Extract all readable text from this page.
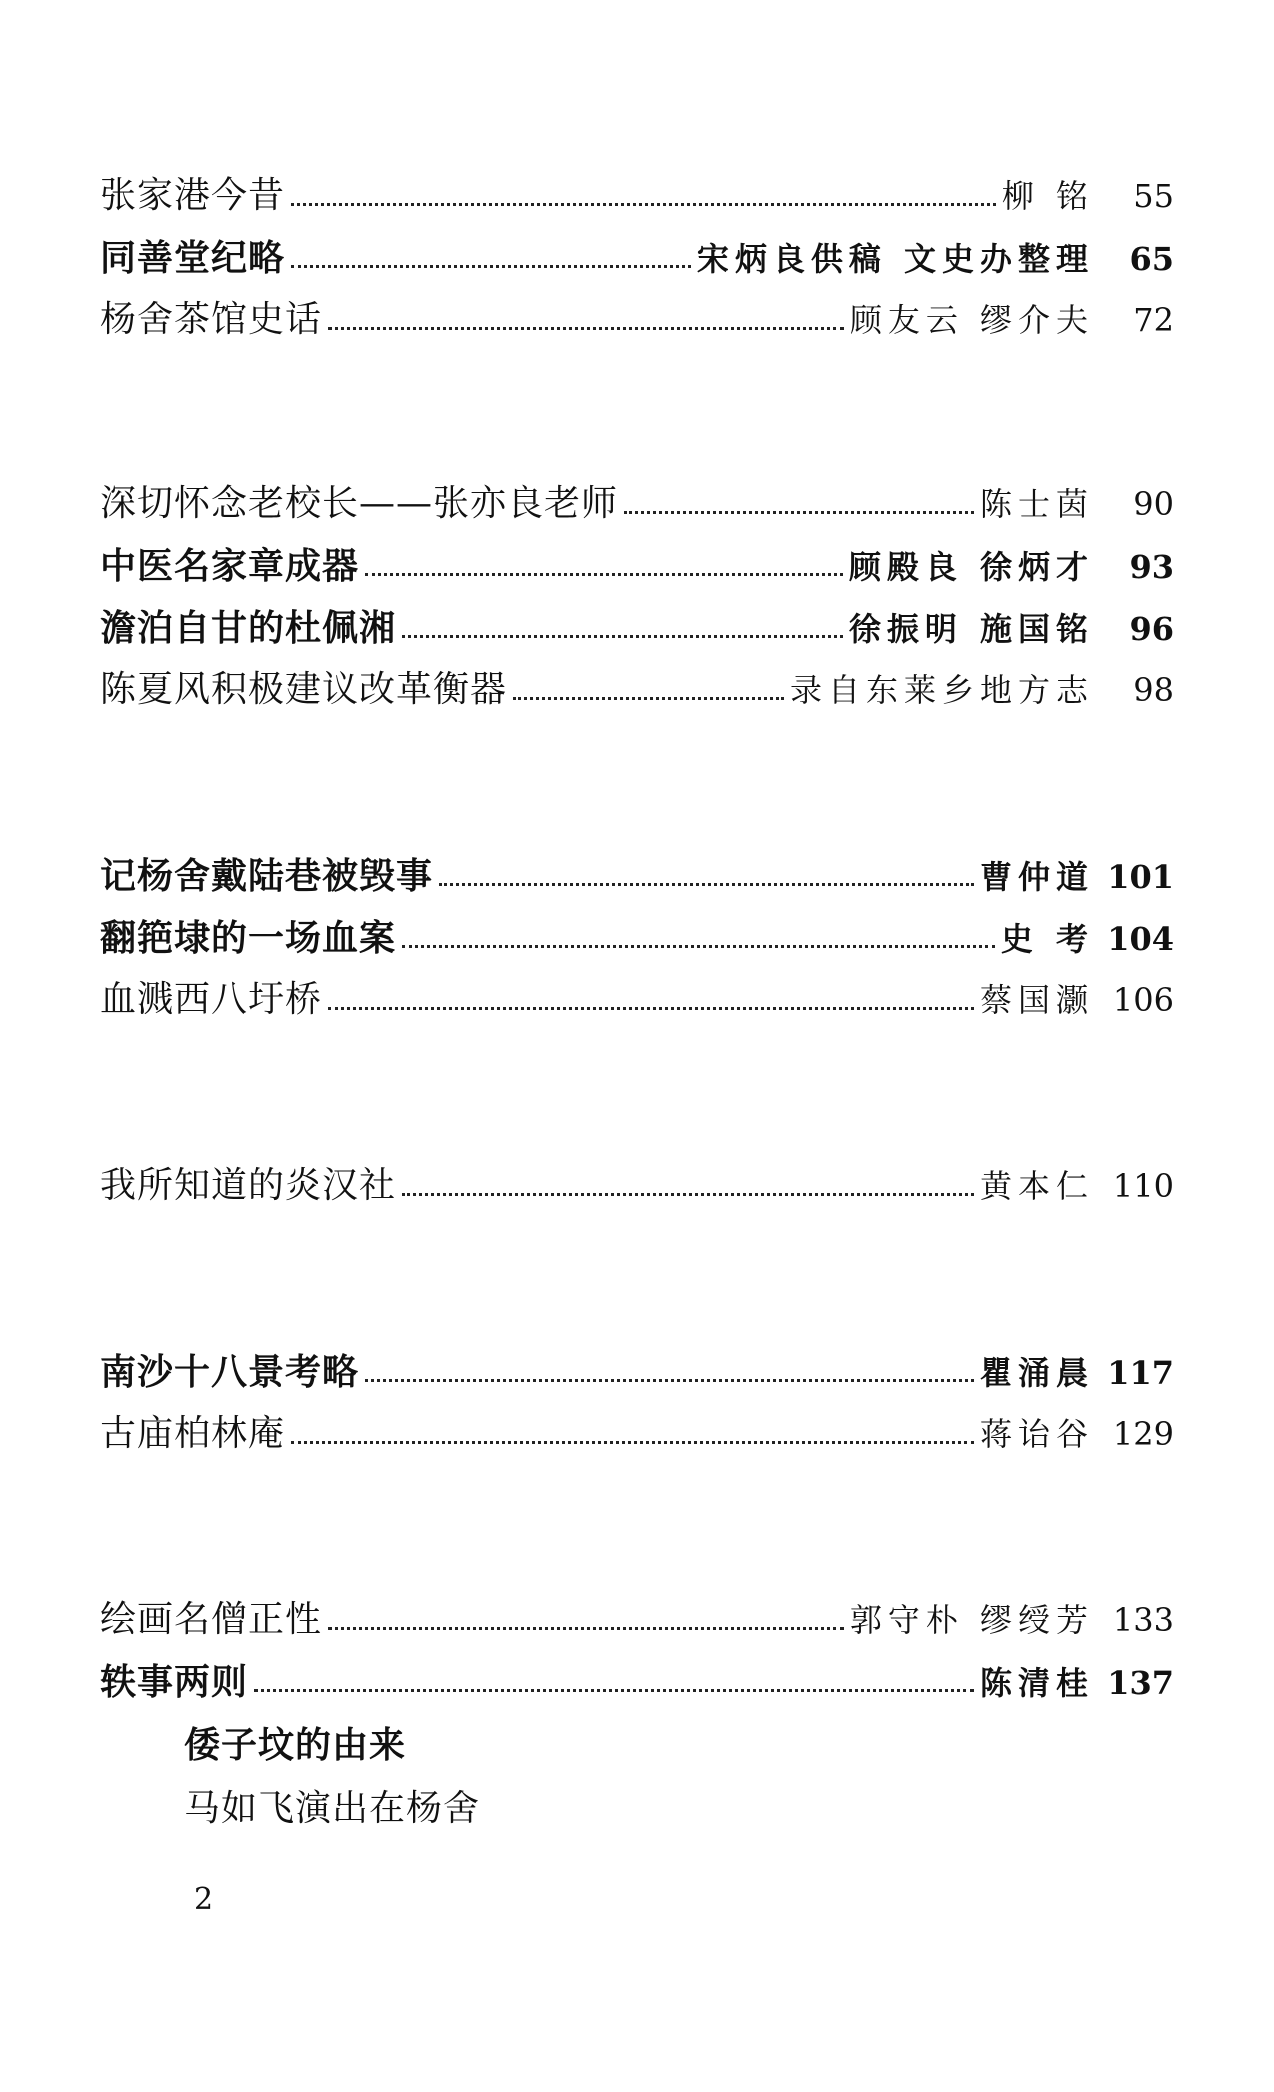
张家港今昔	柳 铭	55
同善堂纪略	宋炳良供稿 文史办整理	65
杨舍茶馆史话	顾友云 缪介夫	72
深切怀念老校长——张亦良老师	陈士茵	90
中医名家章成器	顾殿良 徐炳才	93
澹泊自甘的杜佩湘	徐振明 施国铭	96
陈夏风积极建议改革衡器	录自东莱乡地方志	98
记杨舍戴陆巷被毁事	曹仲道 101
翻筢埭的一场血案	史 考 104
血溅西八圩桥	蔡国灏 106
我所知道的炎汉社	黄本仁 110
南沙十八景考略	瞿涌晨 117
古庙柏林庵	蒋诒谷 129
绘画名僧正性	郭守朴 缪绶芳 133
轶事两则	陈清桂 137
倭子坟的由来
马如飞演出在杨舍
2
